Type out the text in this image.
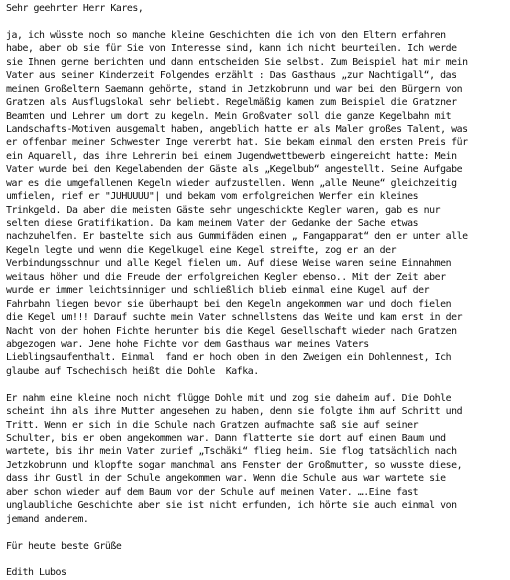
Sehr geehrter Herr Kares,
ja, ich wüsste noch so manche kleine Geschichten die ich von den Eltern erfahren
habe, aber ob sie für Sie von Interesse sind, kann ich nicht beurteilen. Ich werde
sie Ihnen gerne berichten und dann entscheiden Sie selbst. Zum Beispiel hat mir mein
Vater aus seiner Kinderzeit Folgendes erzählt : Das Gasthaus „zur Nachtigall“, das
meinen Großeltern Saemann gehörte, stand in Jetzkobrunn und war bei den Bürgern von
Gratzen als Ausflugslokal sehr beliebt. Regelmäßig kamen zum Beispiel die Gratzner
Beamten und Lehrer um dort zu kegeln. Mein Großvater soll die ganze Kegelbahn mit
Landschafts-Motiven ausgemalt haben, angeblich hatte er als Maler großes Talent, was
er offenbar meiner Schwester Inge vererbt hat. Sie bekam einmal den ersten Preis für
ein Aquarell, das ihre Lehrerin bei einem Jugendwettbewerb eingereicht hatte: Mein
Vater wurde bei den Kegelabenden der Gäste als „Kegelbub“ angestellt. Seine Aufgabe
war es die umgefallenen Kegeln wieder aufzustellen. Wenn „alle Neune“ gleichzeitig
umfielen, rief er "JUHUUUU"| und bekam vom erfolgreichen Werfer ein kleines
Trinkgeld. Da aber die meisten Gäste sehr ungeschickte Kegler waren, gab es nur
selten diese Gratifikation. Da kam meinem Vater der Gedanke der Sache etwas
nachzuhelfen. Er bastelte sich aus Gummifäden einen „ Fangapparat“ den er unter alle
Kegeln legte und wenn die Kegelkugel eine Kegel streifte, zog er an der
Verbindungsschnur und alle Kegel fielen um. Auf diese Weise waren seine Einnahmen
weitaus höher und die Freude der erfolgreichen Kegler ebenso.. Mit der Zeit aber
wurde er immer leichtsinniger und schließlich blieb einmal eine Kugel auf der
Fahrbahn liegen bevor sie überhaupt bei den Kegeln angekommen war und doch fielen
die Kegel um!!! Darauf suchte mein Vater schnellstens das Weite und kam erst in der
Nacht von der hohen Fichte herunter bis die Kegel Gesellschaft wieder nach Gratzen
abgezogen war. Jene hohe Fichte vor dem Gasthaus war meines Vaters
Lieblingsaufenthalt. Einmal  fand er hoch oben in den Zweigen ein Dohlennest, Ich
glaube auf Tschechisch heißt die Dohle  Kafka.
Er nahm eine kleine noch nicht flügge Dohle mit und zog sie daheim auf. Die Dohle
scheint ihn als ihre Mutter angesehen zu haben, denn sie folgte ihm auf Schritt und
Tritt. Wenn er sich in die Schule nach Gratzen aufmachte saß sie auf seiner
Schulter, bis er oben angekommen war. Dann flatterte sie dort auf einen Baum und
wartete, bis ihr mein Vater zurief „Tschäki“ flieg heim. Sie flog tatsächlich nach
Jetzkobrunn und klopfte sogar manchmal ans Fenster der Großmutter, so wusste diese,
dass ihr Gustl in der Schule angekommen war. Wenn die Schule aus war wartete sie
aber schon wieder auf dem Baum vor der Schule auf meinen Vater. ….Eine fast
unglaubliche Geschichte aber sie ist nicht erfunden, ich hörte sie auch einmal von
jemand anderem.
Für heute beste Grüße
Edith Lubos
